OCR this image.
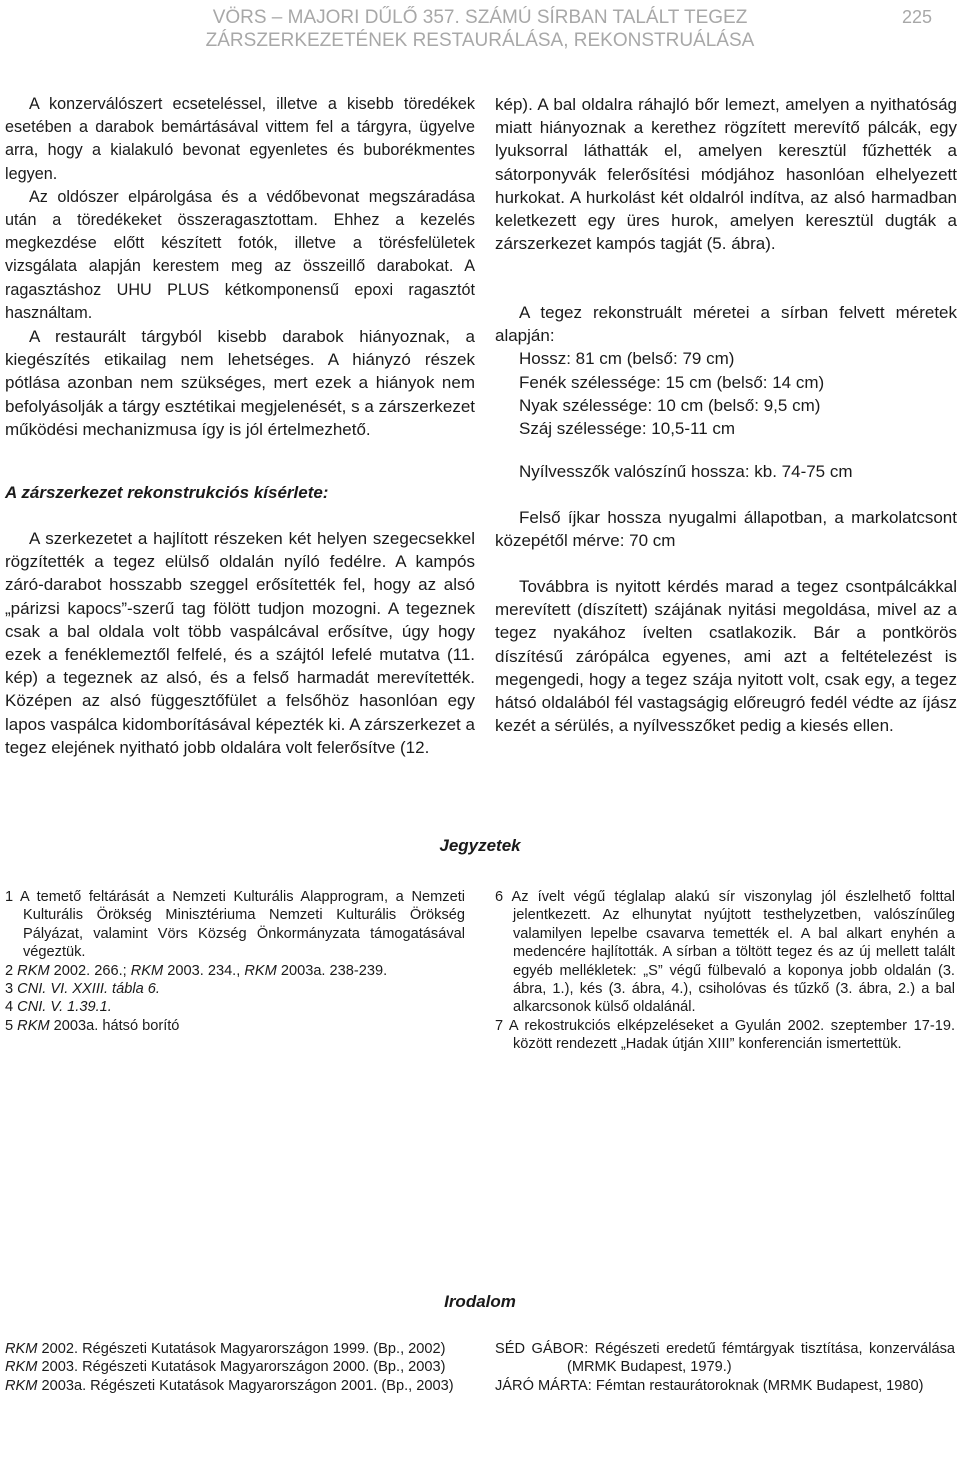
VÖRS – MAJORI DŰLŐ 357. SZÁMÚ SÍRBAN TALÁLT TEGEZ
ZÁRSZERKEZETÉNEK RESTAURÁLÁSA, REKONSTRUÁLÁSA
225

A konzerválószert ecseteléssel, illetve a kisebb töredékek esetében a darabok bemártásával vittem fel a tárgyra, ügyelve arra, hogy a kialakuló bevonat egyenletes és buborékmentes legyen.

Az oldószer elpárolgása és a védőbevonat megszáradása után a töredékeket összeragasztottam. Ehhez a kezelés megkezdése előtt készített fotók, illetve a törésfelületek vizsgálata alapján kerestem meg az összeillő darabokat. A ragasztáshoz UHU PLUS kétkomponensű epoxi ragasztót használtam.

A restaurált tárgyból kisebb darabok hiányoznak, a kiegészítés etikailag nem lehetséges. A hiányzó részek pótlása azonban nem szükséges, mert ezek a hiányok nem befolyásolják a tárgy esztétikai megjelenését, s a zárszerkezet működési mechanizmusa így is jól értelmezhető.

A zárszerkezet rekonstrukciós kísérlete:

A szerkezetet a hajlított részeken két helyen szegecsekkel rögzítették a tegez elülső oldalán nyíló fedélre. A kampós záró-darabot hosszabb szeggel erősítették fel, hogy az alsó „párizsi kapocs”-szerű tag fölött tudjon mozogni. A tegeznek csak a bal oldala volt több vaspálcával erősítve, úgy hogy ezek a fenéklemeztől felfelé, és a szájtól lefelé mutatva (11. kép) a tegeznek az alsó, és a felső harmadát merevítették. Középen az alsó függesztőfület a felsőhöz hasonlóan egy lapos vaspálca kidomborításával képezték ki. A zárszerkezet a tegez elejének nyitható jobb oldalára volt felerősítve (12.

kép). A bal oldalra ráhajló bőr lemezt, amelyen a nyithatóság miatt hiányoznak a kerethez rögzített merevítő pálcák, egy lyuksorral láthatták el, amelyen keresztül fűzhették a sátorponyvák felerősítési módjához hasonlóan elhelyezett hurkokat. A hurkolást két oldalról indítva, az alsó harmadban keletkezett egy üres hurok, amelyen keresztül dugták a zárszerkezet kampós tagját (5. ábra).

A tegez rekonstruált méretei a sírban felvett méretek alapján:

Hossz: 81 cm (belső: 79 cm)
Fenék szélessége: 15 cm (belső: 14 cm)
Nyak szélessége: 10 cm (belső: 9,5 cm)
Száj szélessége: 10,5-11 cm

Nyílvesszők valószínű hossza: kb. 74-75 cm

Felső íjkar hossza nyugalmi állapotban, a markolatcsont közepétől mérve: 70 cm

Továbbra is nyitott kérdés marad a tegez csontpálcákkal merevített (díszített) szájának nyitási megoldása, mivel az a tegez nyakához ívelten csatlakozik. Bár a pontkörös díszítésű zárópálca egyenes, ami azt a feltételezést is megengedi, hogy a tegez szája nyitott volt, csak egy, a tegez hátsó oldalából fél vastagságig előreugró fedél védte az íjász kezét a sérülés, a nyílvesszőket pedig a kiesés ellen.

Jegyzetek

1 A temető feltárását a Nemzeti Kulturális Alapprogram, a Nemzeti Kulturális Örökség Minisztériuma Nemzeti Kulturális Örökség Pályázat, valamint Vörs Község Önkormányzata támogatásával végeztük.

2 RKM 2002. 266.; RKM 2003. 234., RKM 2003a. 238-239.

3 CNI. VI. XXIII. tábla 6.

4 CNI. V. 1.39.1.

5 RKM 2003a. hátsó borító

6 Az ívelt végű téglalap alakú sír viszonylag jól észlelhető folttal jelentkezett. Az elhunytat nyújtott testhelyzetben, valószínűleg valamilyen lepelbe csavarva temették el. A bal alkart enyhén a medencére hajlították. A sírban a töltött tegez és az új mellett talált egyéb mellékletek: „S” végű fülbevaló a koponya jobb oldalán (3. ábra, 1.), kés (3. ábra, 4.), csiholóvas és tűzkő (3. ábra, 2.) a bal alkarcsonok külső oldalánál.

7 A rekostrukciós elképzeléseket a Gyulán 2002. szeptember 17-19. között rendezett „Hadak útján XIII” konferencián ismertettük.

Irodalom

RKM 2002. Régészeti Kutatások Magyarországon 1999. (Bp., 2002)

RKM 2003. Régészeti Kutatások Magyarországon 2000. (Bp., 2003)

RKM 2003a. Régészeti Kutatások Magyarországon 2001. (Bp., 2003)

SÉD GÁBOR: Régészeti eredetű fémtárgyak tisztítása, konzerválása (MRMK Budapest, 1979.)

JÁRÓ MÁRTA: Fémtan restaurátoroknak (MRMK Budapest, 1980)
